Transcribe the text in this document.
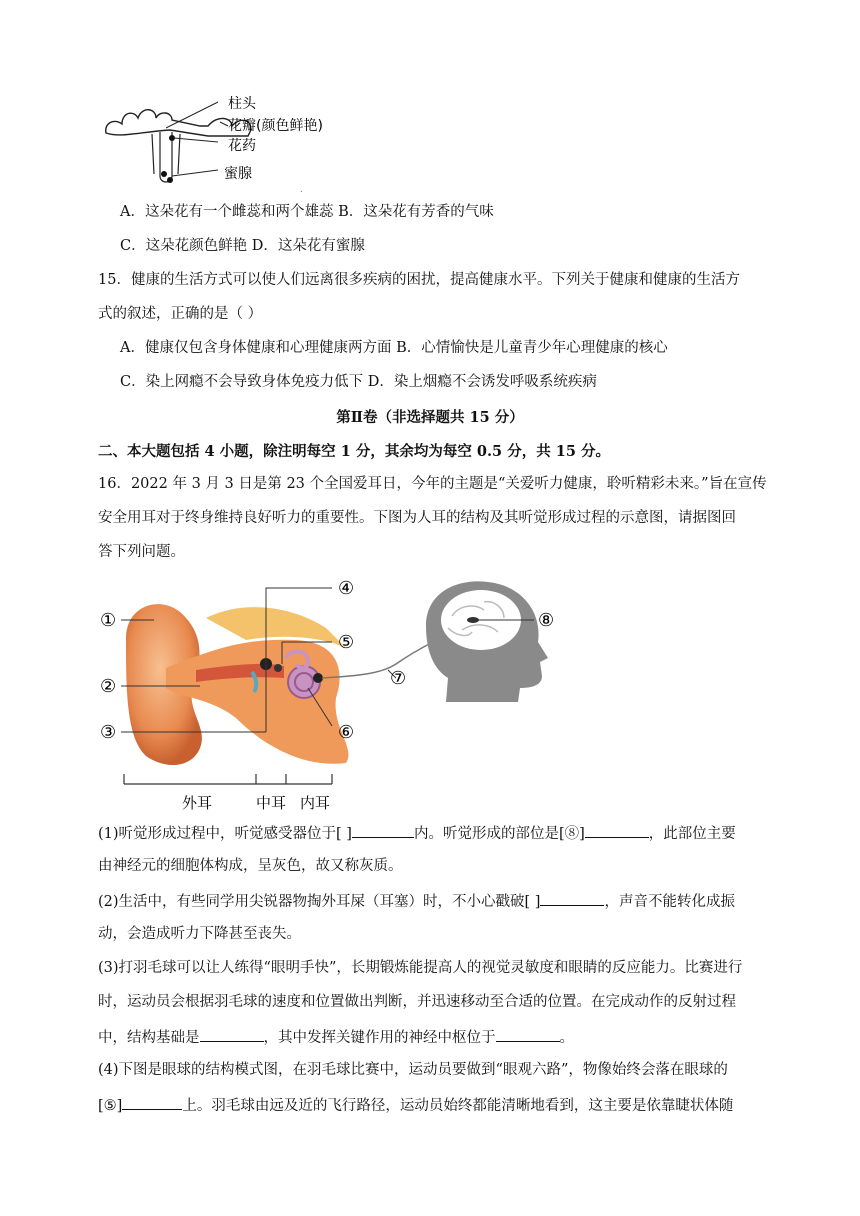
柱头
花瓣(颜色鲜艳)
花药
蜜腺
.
A．这朵花有一个雌蕊和两个雄蕊 B．这朵花有芳香的气味
C．这朵花颜色鲜艳 D．这朵花有蜜腺
15．健康的生活方式可以使人们远离很多疾病的困扰，提高健康水平。下列关于健康和健康的生活方
式的叙述，正确的是（ ）
A．健康仅包含身体健康和心理健康两方面 B．心情愉快是儿童青少年心理健康的核心
C．染上网瘾不会导致身体免疫力低下 D．染上烟瘾不会诱发呼吸系统疾病
第Ⅱ卷（非选择题共 15 分）
二、本大题包括 4 小题，除注明每空 1 分，其余均为每空 0.5 分，共 15 分。
16．2022 年 3 月 3 日是第 23 个全国爱耳日，今年的主题是“关爱听力健康，聆听精彩未来。”旨在宣传
安全用耳对于终身维持良好听力的重要性。下图为人耳的结构及其听觉形成过程的示意图，请据图回
答下列问题。
①
②
③
④
⑤
⑥
⑦
⑧
外耳	中耳 内耳
(1)听觉形成过程中，听觉感受器位于[ ]	内。听觉形成的部位是[⑧]	，此部位主要
由神经元的细胞体构成，呈灰色，故又称灰质。
(2)生活中，有些同学用尖锐器物掏外耳屎（耳塞）时，不小心戳破[ ]	，声音不能转化成振
动，会造成听力下降甚至丧失。
(3)打羽毛球可以让人练得“眼明手快”，长期锻炼能提高人的视觉灵敏度和眼睛的反应能力。比赛进行
时，运动员会根据羽毛球的速度和位置做出判断，并迅速移动至合适的位置。在完成动作的反射过程
中，结构基础是	，其中发挥关键作用的神经中枢位于	。
(4)下图是眼球的结构模式图，在羽毛球比赛中，运动员要做到“眼观六路”，物像始终会落在眼球的
[⑤]	上。羽毛球由远及近的飞行路径，运动员始终都能清晰地看到，这主要是依靠睫状体随
